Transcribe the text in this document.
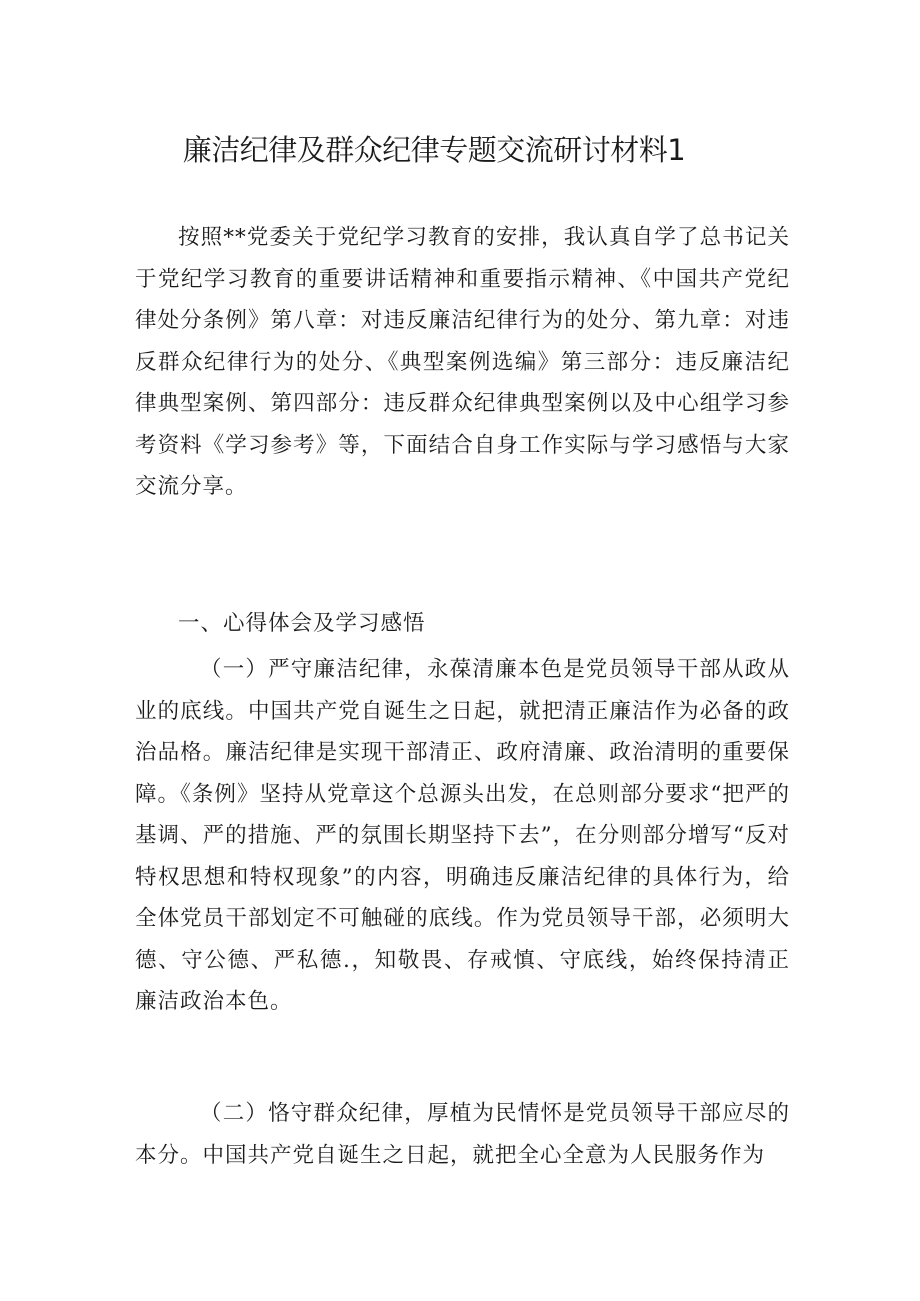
廉洁纪律及群众纪律专题交流研讨材料1

按照**党委关于党纪学习教育的安排，我认真自学了总书记关于党纪学习教育的重要讲话精神和重要指示精神、《中国共产党纪律处分条例》第八章：对违反廉洁纪律行为的处分、第九章：对违反群众纪律行为的处分、《典型案例选编》第三部分：违反廉洁纪律典型案例、第四部分：违反群众纪律典型案例以及中心组学习参考资料《学习参考》等，下面结合自身工作实际与学习感悟与大家交流分享。

一、心得体会及学习感悟

（一）严守廉洁纪律，永葆清廉本色是党员领导干部从政从业的底线。中国共产党自诞生之日起，就把清正廉洁作为必备的政治品格。廉洁纪律是实现干部清正、政府清廉、政治清明的重要保障。《条例》坚持从党章这个总源头出发，在总则部分要求“把严的基调、严的措施、严的氛围长期坚持下去”，在分则部分增写“反对特权思想和特权现象”的内容，明确违反廉洁纪律的具体行为，给全体党员干部划定不可触碰的底线。作为党员领导干部，必须明大德、守公德、严私德.，知敬畏、存戒慎、守底线，始终保持清正廉洁政治本色。

（二）恪守群众纪律，厚植为民情怀是党员领导干部应尽的本分。中国共产党自诞生之日起，就把全心全意为人民服务作为
